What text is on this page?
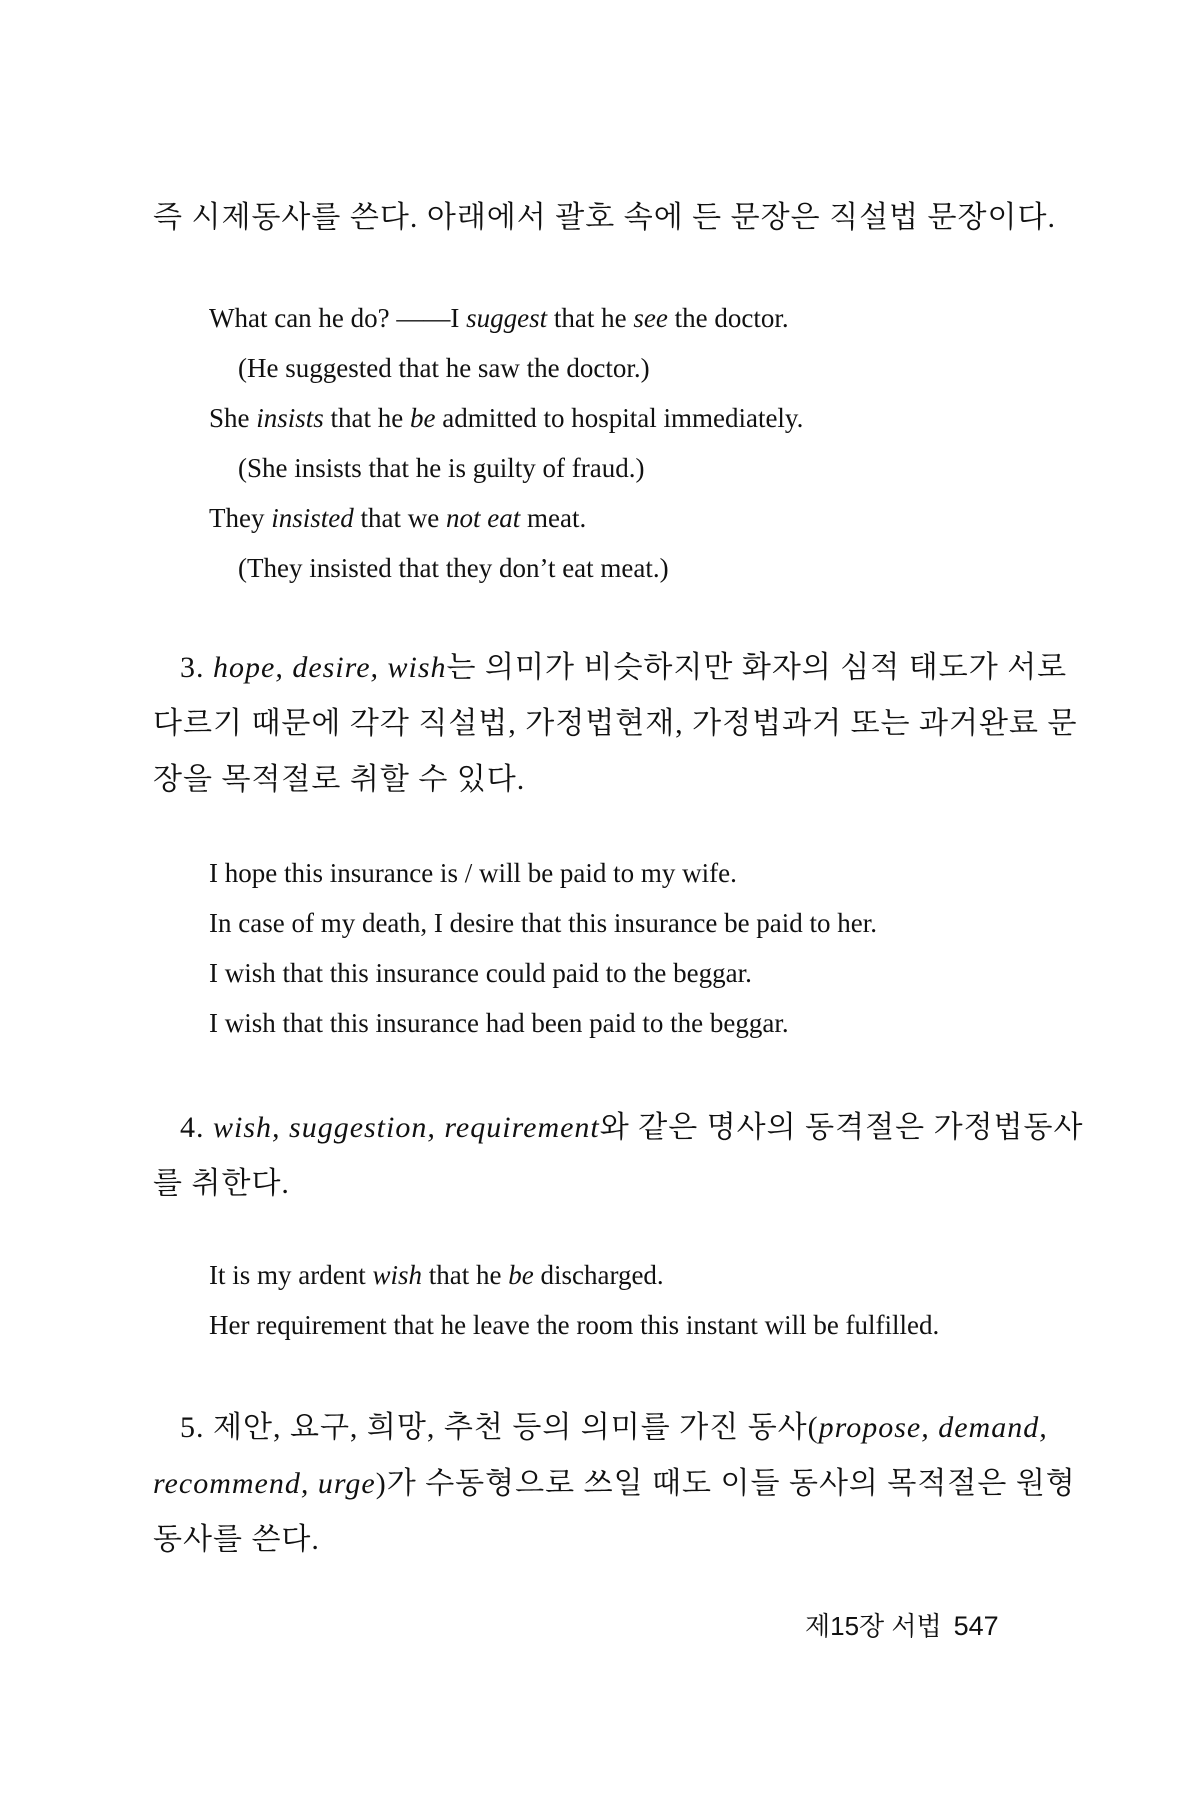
즉 시제동사를 쓴다. 아래에서 괄호 속에 든 문장은 직설법 문장이다.
What can he do? ——I suggest that he see the doctor.
(He suggested that he saw the doctor.)
She insists that he be admitted to hospital immediately.
(She insists that he is guilty of fraud.)
They insisted that we not eat meat.
(They insisted that they don’t eat meat.)
3. hope, desire, wish는 의미가 비슷하지만 화자의 심적 태도가 서로
다르기 때문에 각각 직설법, 가정법현재, 가정법과거 또는 과거완료 문
장을 목적절로 취할 수 있다.
I hope this insurance is / will be paid to my wife.
In case of my death, I desire that this insurance be paid to her.
I wish that this insurance could paid to the beggar.
I wish that this insurance had been paid to the beggar.
4. wish, suggestion, requirement와 같은 명사의 동격절은 가정법동사
를 취한다.
It is my ardent wish that he be discharged.
Her requirement that he leave the room this instant will be fulfilled.
5. 제안, 요구, 희망, 추천 등의 의미를 가진 동사(propose, demand,
recommend, urge)가 수동형으로 쓰일 때도 이들 동사의 목적절은 원형
동사를 쓴다.
제15장 서법 547
